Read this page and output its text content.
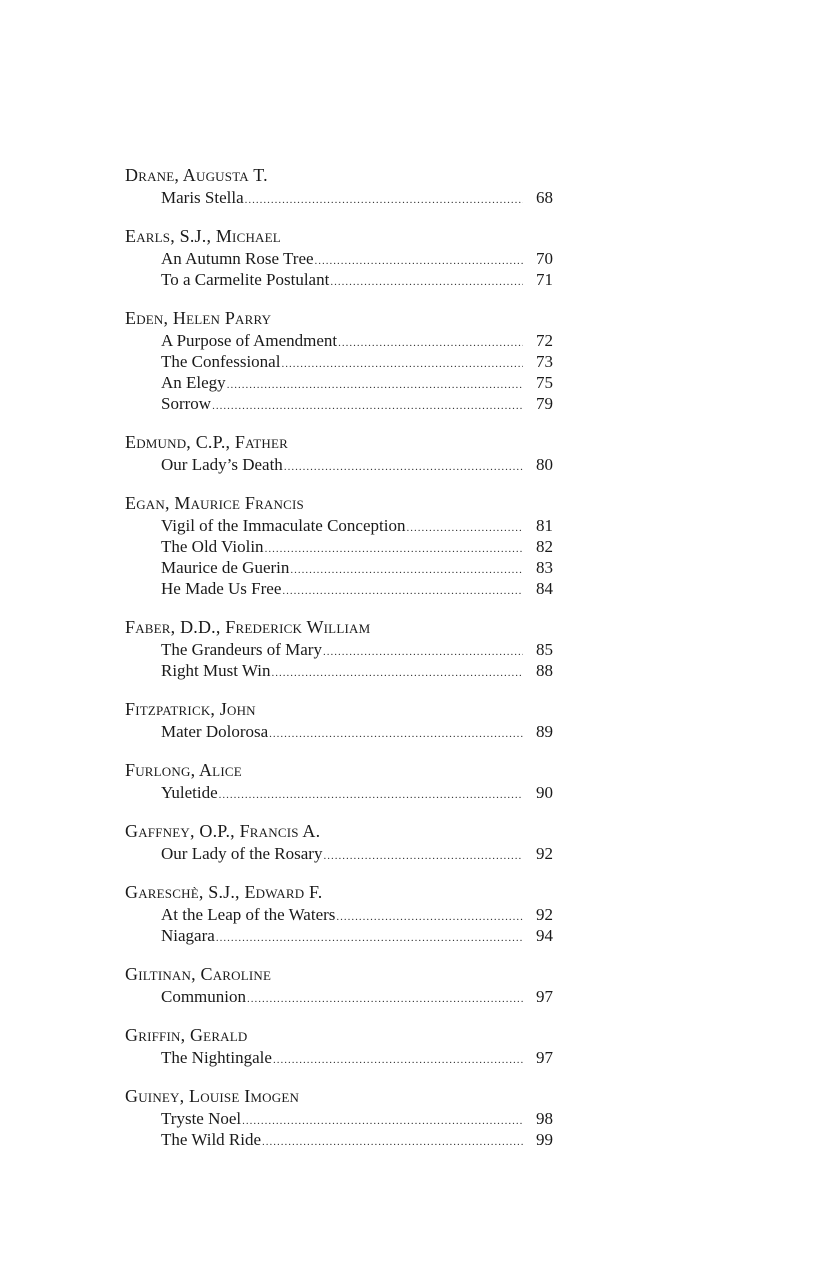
Drane, Augusta T.
Maris Stella .....	68
Earls, S.J., Michael
An Autumn Rose Tree .....	70
To a Carmelite Postulant .....	71
Eden, Helen Parry
A Purpose of Amendment .....	72
The Confessional .....	73
An Elegy .....	75
Sorrow .....	79
Edmund, C.P., Father
Our Lady’s Death .....	80
Egan, Maurice Francis
Vigil of the Immaculate Conception .....	81
The Old Violin .....	82
Maurice de Guerin .....	83
He Made Us Free .....	84
Faber, D.D., Frederick William
The Grandeurs of Mary .....	85
Right Must Win .....	88
Fitzpatrick, John
Mater Dolorosa .....	89
Furlong, Alice
Yuletide .....	90
Gaffney, O.P., Francis A.
Our Lady of the Rosary .....	92
Gareschè, S.J., Edward F.
At the Leap of the Waters .....	92
Niagara .....	94
Giltinan, Caroline
Communion .....	97
Griffin, Gerald
The Nightingale .....	97
Guiney, Louise Imogen
Tryste Noel .....	98
The Wild Ride .....	99
